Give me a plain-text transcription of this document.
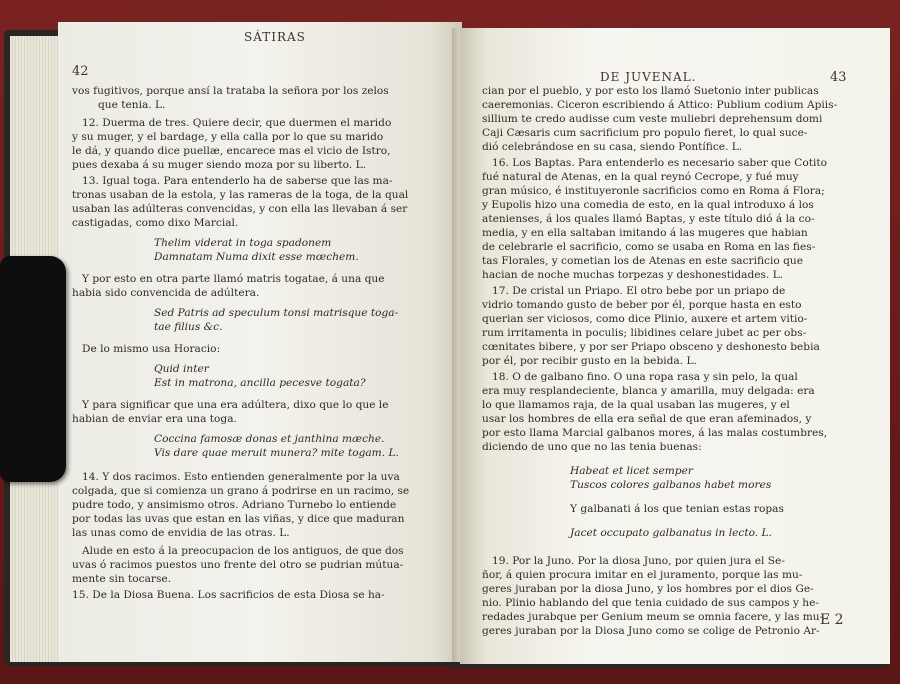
SÁTIRAS
42
vos fugitivos, porque ansí la trataba la señora por los zelos
que tenia. L.
12. Duerma de tres. Quiere decir, que duermen el marido
y su muger, y el bardage, y ella calla por lo que su marido
le dá, y quando dice puellæ, encarece mas el vicio de Istro,
pues dexaba á su muger siendo moza por su liberto. L.
13. Igual toga. Para entenderlo ha de saberse que las ma-
tronas usaban de la estola, y las rameras de la toga, de la qual
usaban las adúlteras convencidas, y con ella las llevaban á ser
castigadas, como dixo Marcial.
Thelim viderat in toga spadonem
Damnatam Numa dixit esse mœchem.
Y por esto en otra parte llamó matris togatae, á una que
habia sido convencida de adúltera.
Sed Patris ad speculum tonsi matrisque toga-
tae filius &c.
De lo mismo usa Horacio:
Quid inter
Est in matrona, ancilla pecesve togata?
Y para significar que una era adúltera, dixo que lo que le
habian de enviar era una toga.
Coccina famosæ donas et janthina mæche.
Vis dare quae meruit munera? mite togam. L.
14. Y dos racimos. Esto entienden generalmente por la uva
colgada, que si comienza un grano á podrirse en un racimo, se
pudre todo, y ansimismo otros. Adriano Turnebo lo entiende
por todas las uvas que estan en las viñas, y dice que maduran
las unas como de envidia de las otras. L.
Alude en esto á la preocupacion de los antiguos, de que dos
uvas ó racimos puestos uno frente del otro se pudrian mútua-
mente sin tocarse.
15. De la Diosa Buena. Los sacrificios de esta Diosa se ha-
DE JUVENAL.	43
cian por el pueblo, y por esto los llamó Suetonio inter publicas
caeremonias. Ciceron escribiendo á Attico: Publium codium Apiis-
sillium te credo audisse cum veste muliebri deprehensum domi
Caji Cæsaris cum sacrificium pro populo fieret, lo qual suce-
dió celebrándose en su casa, siendo Pontífice. L.
16. Los Baptas. Para entenderlo es necesario saber que Cotito
fué natural de Atenas, en la qual reynó Cecrope, y fué muy
gran músico, é instituyeronle sacrificios como en Roma á Flora;
y Eupolis hizo una comedia de esto, en la qual introduxo á los
atenienses, á los quales llamó Baptas, y este título dió á la co-
media, y en ella saltaban imitando á las mugeres que habian
de celebrarle el sacrificio, como se usaba en Roma en las fies-
tas Florales, y cometian los de Atenas en este sacrificio que
hacian de noche muchas torpezas y deshonestidades. L.
17. De cristal un Priapo. El otro bebe por un priapo de
vidrio tomando gusto de beber por él, porque hasta en esto
querian ser viciosos, como dice Plinio, auxere et artem vitio-
rum irritamenta in poculis; libidines celare jubet ac per obs-
cœnitates bibere, y por ser Priapo obsceno y deshonesto bebia
por él, por recibir gusto en la bebida. L.
18. O de galbano fino. O una ropa rasa y sin pelo, la qual
era muy resplandeciente, blanca y amarilla, muy delgada: era
lo que llamamos raja, de la qual usaban las mugeres, y el
usar los hombres de ella era señal de que eran afeminados, y
por esto llama Marcial galbanos mores, á las malas costumbres,
diciendo de uno que no las tenia buenas:
Habeat et licet semper
Tuscos colores galbanos habet mores
Y galbanati á los que tenian estas ropas
Jacet occupato galbanatus in lecto. L.
19. Por la Juno. Por la diosa Juno, por quien jura el Se-
ñor, á quien procura imitar en el juramento, porque las mu-
geres juraban por la diosa Juno, y los hombres por el dios Ge-
nio. Plinio hablando del que tenia cuidado de sus campos y he-
redades jurabque per Genium meum se omnia facere, y las mu-
geres juraban por la Diosa Juno como se colige de Petronio Ar-
E 2
